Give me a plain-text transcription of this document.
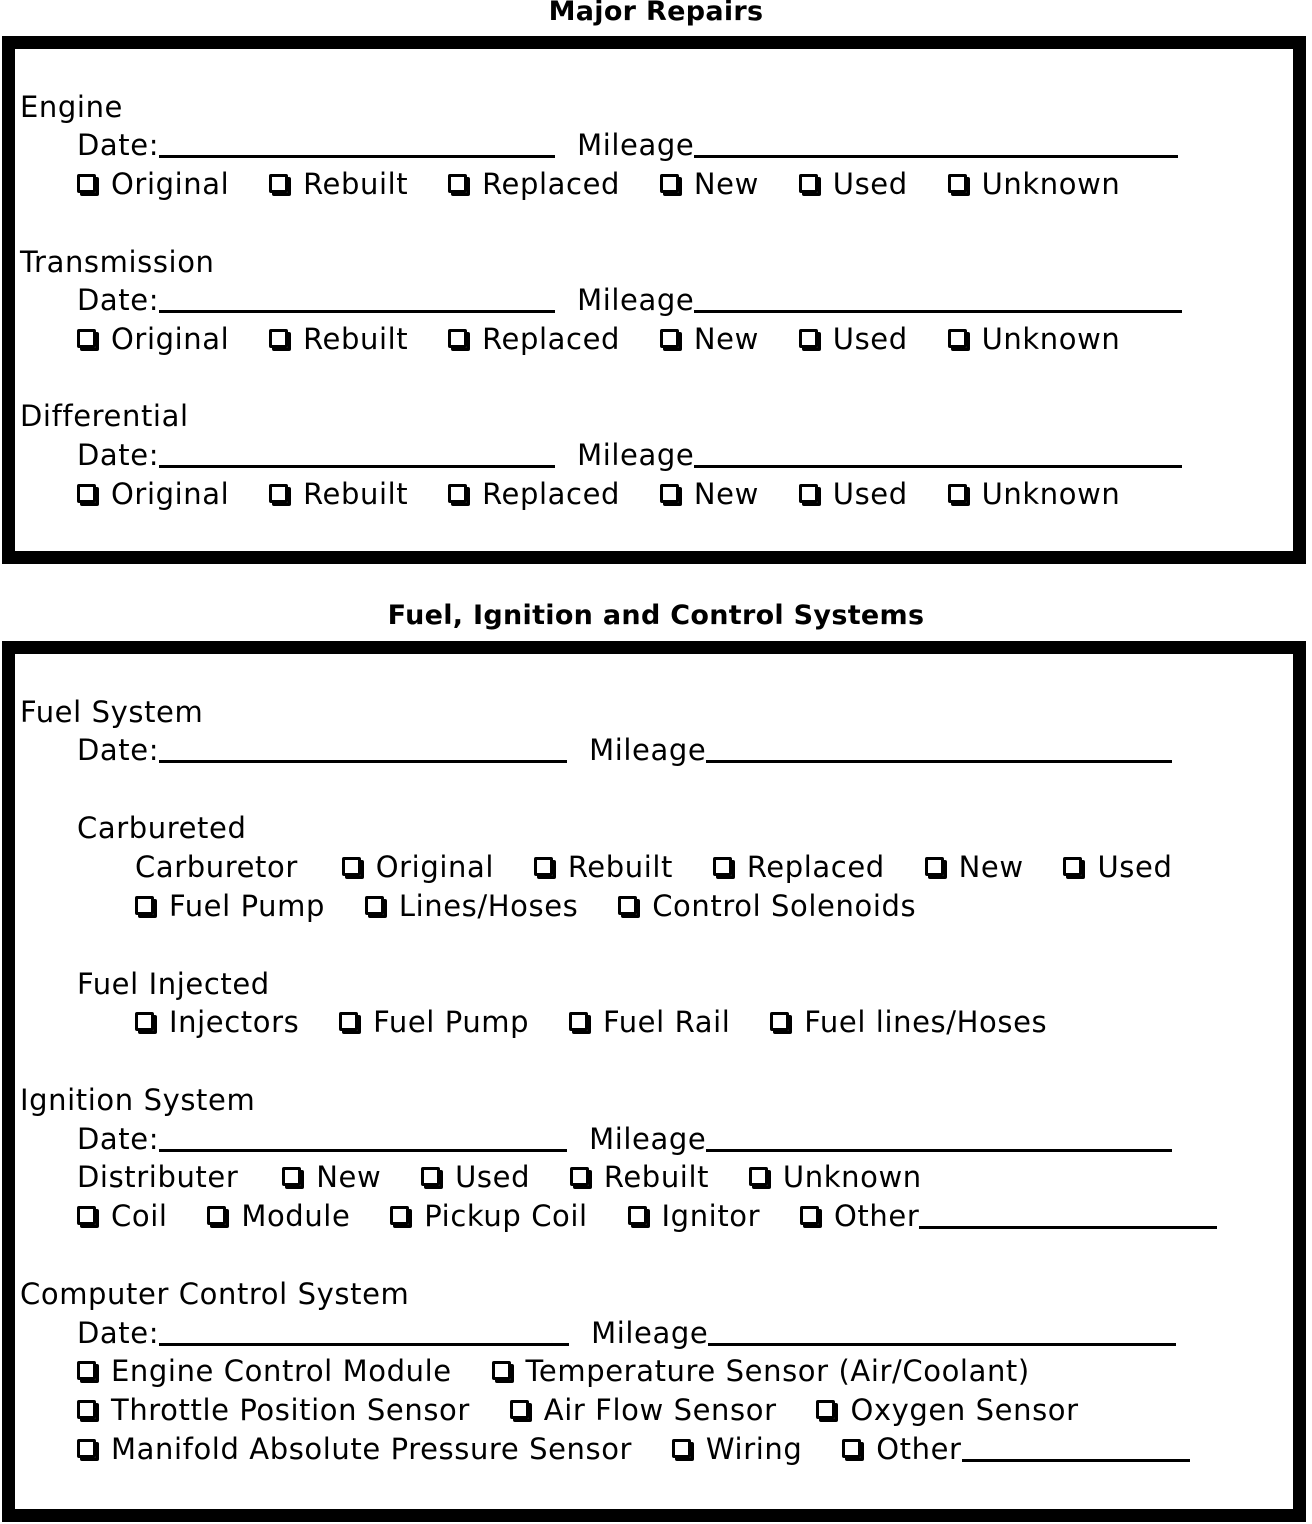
Major Repairs
Engine
Date:	Mileage
Original	Rebuilt	Replaced	New	Used	Unknown
Transmission
Date:	Mileage
Original	Rebuilt	Replaced	New	Used	Unknown
Differential
Date:	Mileage
Original	Rebuilt	Replaced	New	Used	Unknown
Fuel, Ignition and Control Systems
Fuel System
Date:	Mileage
Carbureted
Carburetor	Original	Rebuilt	Replaced	New	Used
Fuel Pump	Lines/Hoses	Control Solenoids
Fuel Injected
Injectors	Fuel Pump	Fuel Rail	Fuel lines/Hoses
Ignition System
Date:	Mileage
Distributer	New	Used	Rebuilt	Unknown
Coil	Module	Pickup Coil	Ignitor	Other
Computer Control System
Date:	Mileage
Engine Control Module	Temperature Sensor (Air/Coolant)
Throttle Position Sensor	Air Flow Sensor	Oxygen Sensor
Manifold Absolute Pressure Sensor	Wiring	Other
